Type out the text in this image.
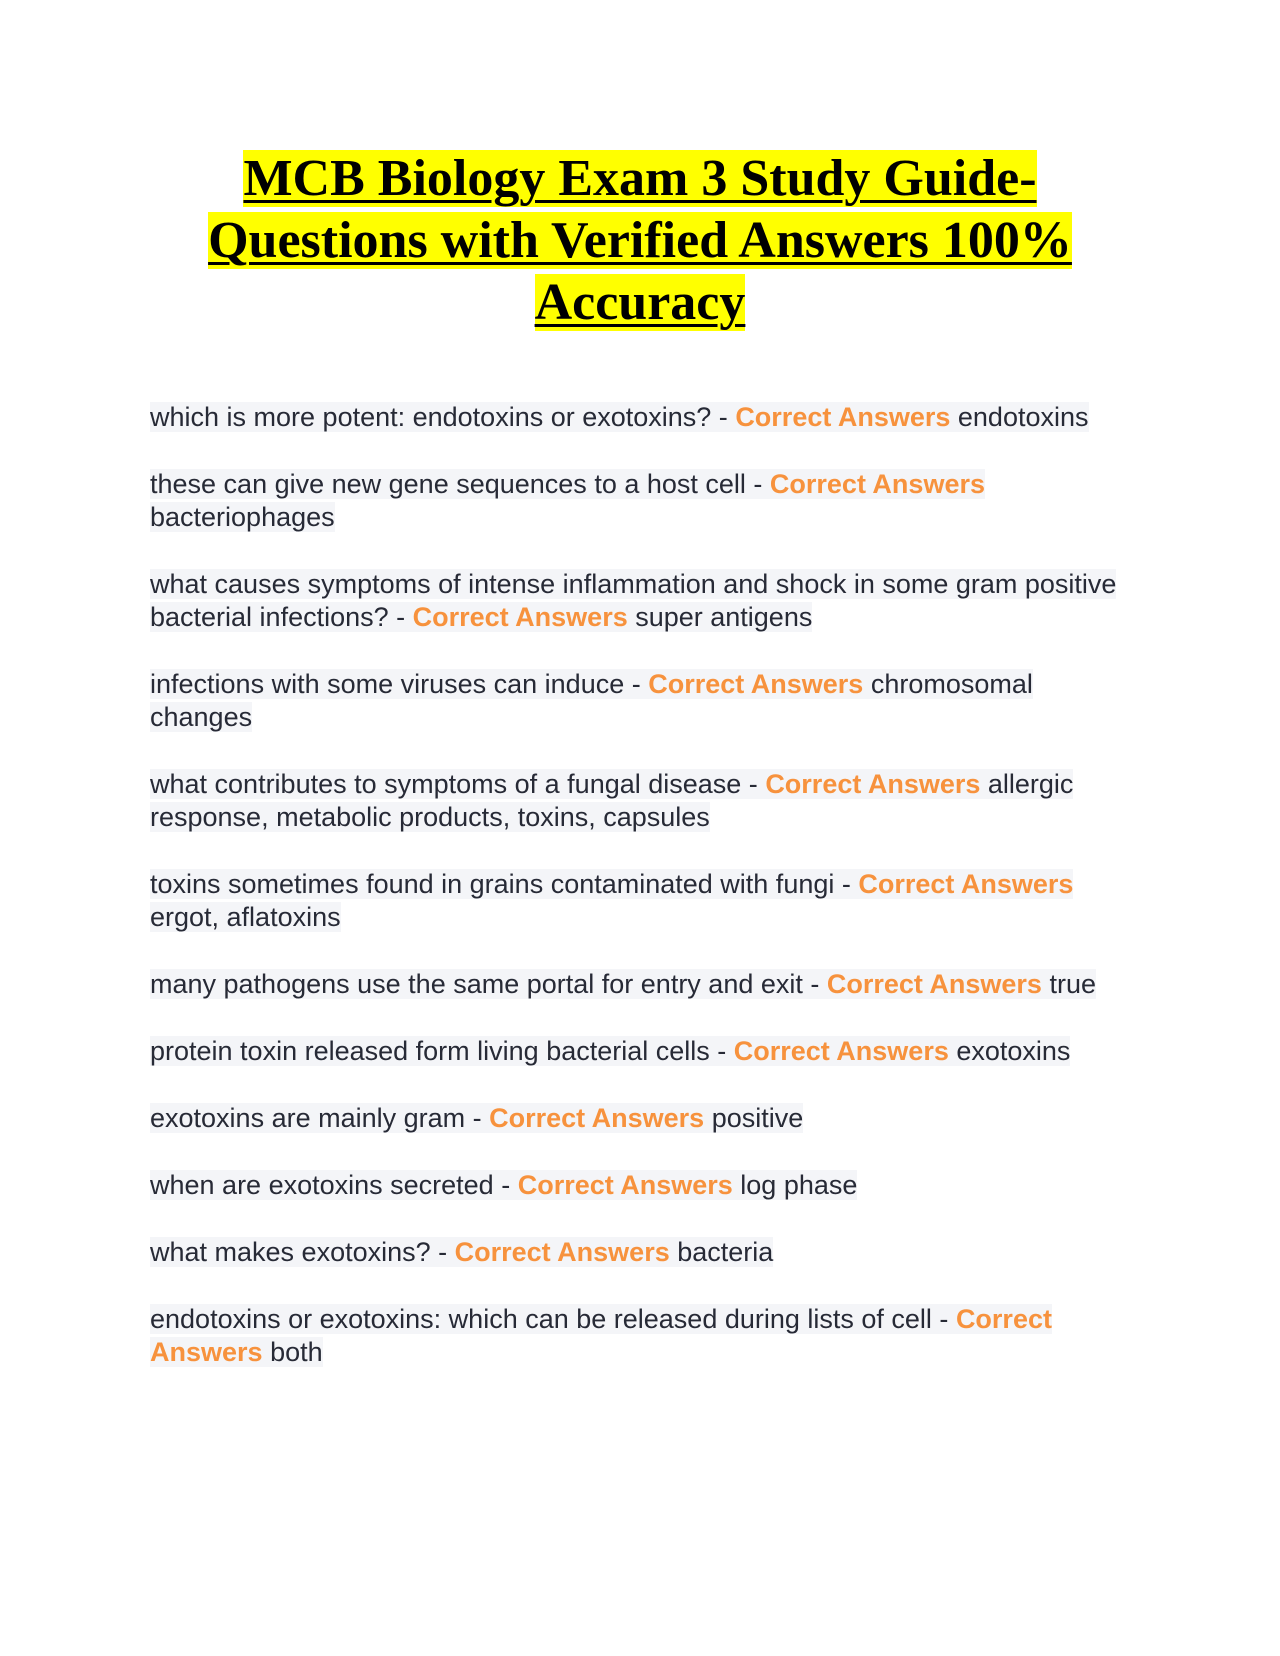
MCB Biology Exam 3 Study Guide- Questions with Verified Answers 100% Accuracy

which is more potent: endotoxins or exotoxins? - Correct Answers endotoxins

these can give new gene sequences to a host cell - Correct Answers bacteriophages

what causes symptoms of intense inflammation and shock in some gram positive bacterial infections? - Correct Answers super antigens

infections with some viruses can induce - Correct Answers chromosomal changes

what contributes to symptoms of a fungal disease - Correct Answers allergic response, metabolic products, toxins, capsules

toxins sometimes found in grains contaminated with fungi - Correct Answers ergot, aflatoxins

many pathogens use the same portal for entry and exit - Correct Answers true

protein toxin released form living bacterial cells - Correct Answers exotoxins

exotoxins are mainly gram - Correct Answers positive

when are exotoxins secreted - Correct Answers log phase

what makes exotoxins? - Correct Answers bacteria

endotoxins or exotoxins: which can be released during lists of cell - Correct Answers both
